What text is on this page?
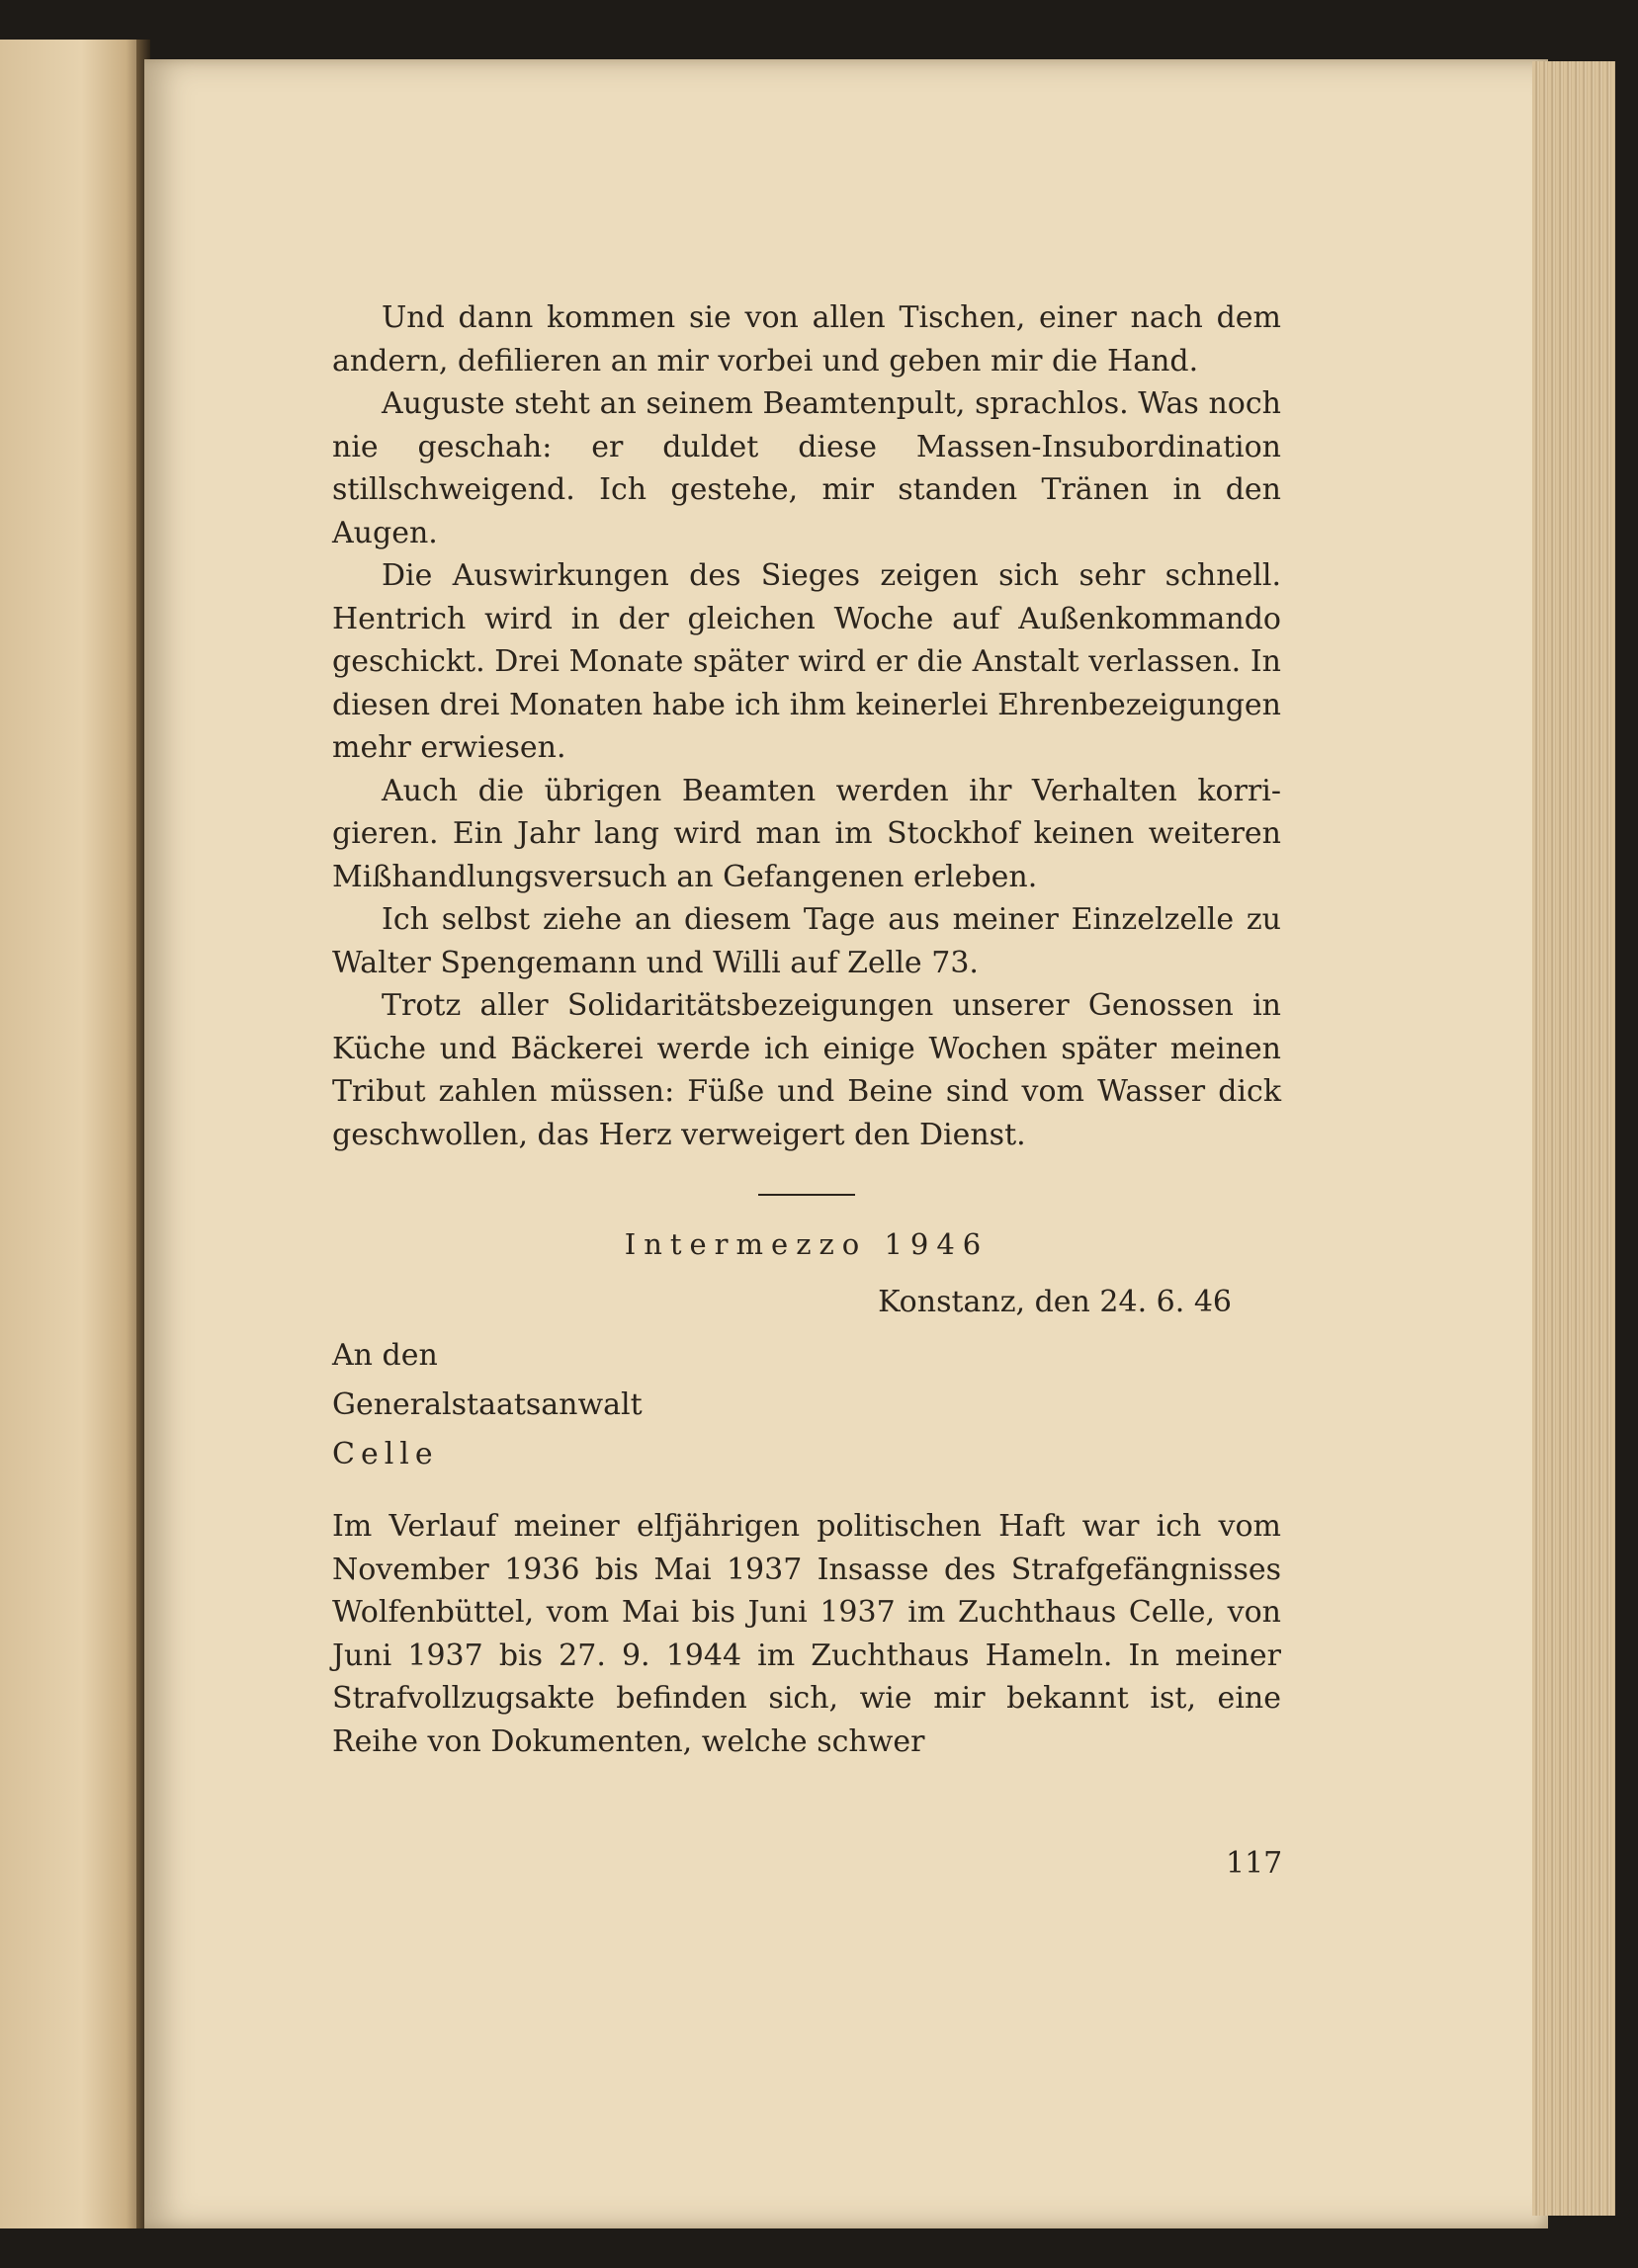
Und dann kommen sie von allen Tischen, einer nach dem andern, defilieren an mir vorbei und geben mir die Hand.

Auguste steht an seinem Beamtenpult, sprachlos. Was noch nie geschah: er duldet diese Massen-Insubordination stillschweigend. Ich gestehe, mir standen Tränen in den Augen.

Die Auswirkungen des Sieges zeigen sich sehr schnell. Hentrich wird in der gleichen Woche auf Außenkommando geschickt. Drei Monate später wird er die Anstalt verlassen. In diesen drei Monaten habe ich ihm keinerlei Ehrenbezeigungen mehr erwiesen.

Auch die übrigen Beamten werden ihr Verhalten korrigieren. Ein Jahr lang wird man im Stockhof keinen weiteren Mißhandlungsversuch an Gefangenen erleben.

Ich selbst ziehe an diesem Tage aus meiner Einzelzelle zu Walter Spengemann und Willi auf Zelle 73.

Trotz aller Solidaritätsbezeigungen unserer Genossen in Küche und Bäckerei werde ich einige Wochen später meinen Tribut zahlen müssen: Füße und Beine sind vom Wasser dick geschwollen, das Herz verweigert den Dienst.

Intermezzo 1946
Konstanz, den 24. 6. 46

An den

Generalstaatsanwalt

Celle

Im Verlauf meiner elfjährigen politischen Haft war ich vom November 1936 bis Mai 1937 Insasse des Strafgefängnisses Wolfenbüttel, vom Mai bis Juni 1937 im Zuchthaus Celle, von Juni 1937 bis 27. 9. 1944 im Zuchthaus Hameln. In meiner Strafvollzugsakte befinden sich, wie mir bekannt ist, eine Reihe von Dokumenten, welche schwer

117
